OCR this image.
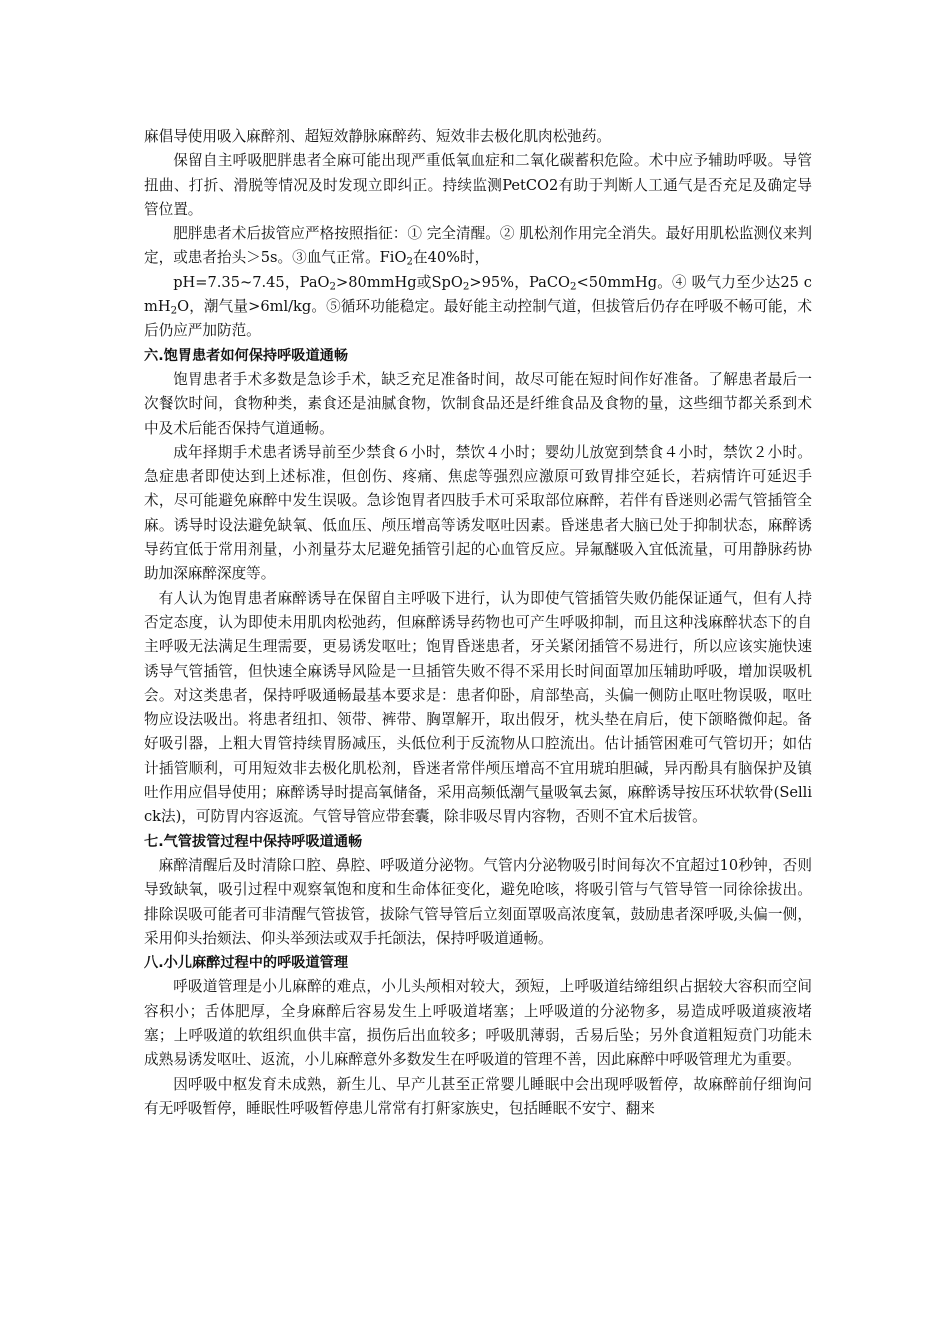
麻倡导使用吸入麻醉剂、超短效静脉麻醉药、短效非去极化肌肉松弛药。

保留自主呼吸肥胖患者全麻可能出现严重低氧血症和二氧化碳蓄积危险。术中应予辅助呼吸。导管扭曲、打折、滑脱等情况及时发现立即纠正。持续监测PetCO2有助于判断人工通气是否充足及确定导管位置。

肥胖患者术后拔管应严格按照指征：① 完全清醒。② 肌松剂作用完全消失。最好用肌松监测仪来判定，或患者抬头＞5s。③血气正常。FiO$_2$在40%时，
pH=7.35~7.45，PaO$_2$>80mmHg或SpO$_2$>95%，PaCO$_2$<50mmHg。④ 吸气力至少达25 cmH$_2$O，潮气量>6ml/kg。⑤循环功能稳定。最好能主动控制气道，但拔管后仍存在呼吸不畅可能，术后仍应严加防范。

六.饱胃患者如何保持呼吸道通畅

饱胃患者手术多数是急诊手术，缺乏充足准备时间，故尽可能在短时间作好准备。了解患者最后一次餐饮时间，食物种类，素食还是油腻食物，饮制食品还是纤维食品及食物的量，这些细节都关系到术中及术后能否保持气道通畅。

成年择期手术患者诱导前至少禁食６小时，禁饮４小时；婴幼儿放宽到禁食４小时，禁饮２小时。急症患者即使达到上述标准，但创伤、疼痛、焦虑等强烈应激原可致胃排空延长，若病情许可延迟手术，尽可能避免麻醉中发生误吸。急诊饱胃者四肢手术可采取部位麻醉，若伴有昏迷则必需气管插管全麻。诱导时设法避免缺氧、低血压、颅压增高等诱发呕吐因素。昏迷患者大脑已处于抑制状态，麻醉诱导药宜低于常用剂量，小剂量芬太尼避免插管引起的心血管反应。异氟醚吸入宜低流量，可用静脉药协助加深麻醉深度等。

有人认为饱胃患者麻醉诱导在保留自主呼吸下进行，认为即使气管插管失败仍能保证通气，但有人持否定态度，认为即使未用肌肉松弛药，但麻醉诱导药物也可产生呼吸抑制，而且这种浅麻醉状态下的自主呼吸无法满足生理需要，更易诱发呕吐；饱胃昏迷患者，牙关紧闭插管不易进行，所以应该实施快速诱导气管插管，但快速全麻诱导风险是一旦插管失败不得不采用长时间面罩加压辅助呼吸，增加误吸机会。对这类患者，保持呼吸通畅最基本要求是：患者仰卧，肩部垫高，头偏一侧防止呕吐物误吸，呕吐物应设法吸出。将患者纽扣、领带、裤带、胸罩解开，取出假牙，枕头垫在肩后，使下颌略微仰起。备好吸引器，上粗大胃管持续胃肠减压，头低位利于反流物从口腔流出。估计插管困难可气管切开；如估计插管顺利，可用短效非去极化肌松剂，昏迷者常伴颅压增高不宜用琥珀胆碱，异丙酚具有脑保护及镇吐作用应倡导使用；麻醉诱导时提高氧储备，采用高频低潮气量吸氧去氮，麻醉诱导按压环状软骨(Sellick法)，可防胃内容返流。气管导管应带套囊，除非吸尽胃内容物，否则不宜术后拔管。

七.气管拔管过程中保持呼吸道通畅

麻醉清醒后及时清除口腔、鼻腔、呼吸道分泌物。气管内分泌物吸引时间每次不宜超过10秒钟，否则导致缺氧，吸引过程中观察氧饱和度和生命体征变化，避免呛咳，将吸引管与气管导管一同徐徐拔出。排除误吸可能者可非清醒气管拔管，拔除气管导管后立刻面罩吸高浓度氧，鼓励患者深呼吸,头偏一侧，采用仰头抬颏法、仰头举颈法或双手托颌法，保持呼吸道通畅。

八.小儿麻醉过程中的呼吸道管理

呼吸道管理是小儿麻醉的难点，小儿头颅相对较大，颈短，上呼吸道结缔组织占据较大容积而空间容积小；舌体肥厚，全身麻醉后容易发生上呼吸道堵塞；上呼吸道的分泌物多，易造成呼吸道痰液堵塞；上呼吸道的软组织血供丰富，损伤后出血较多；呼吸肌薄弱，舌易后坠；另外食道粗短贲门功能未成熟易诱发呕吐、返流，小儿麻醉意外多数发生在呼吸道的管理不善，因此麻醉中呼吸管理尤为重要。

因呼吸中枢发育未成熟，新生儿、早产儿甚至正常婴儿睡眠中会出现呼吸暂停，故麻醉前仔细询问有无呼吸暂停，睡眠性呼吸暂停患儿常常有打鼾家族史，包括睡眠不安宁、翻来
